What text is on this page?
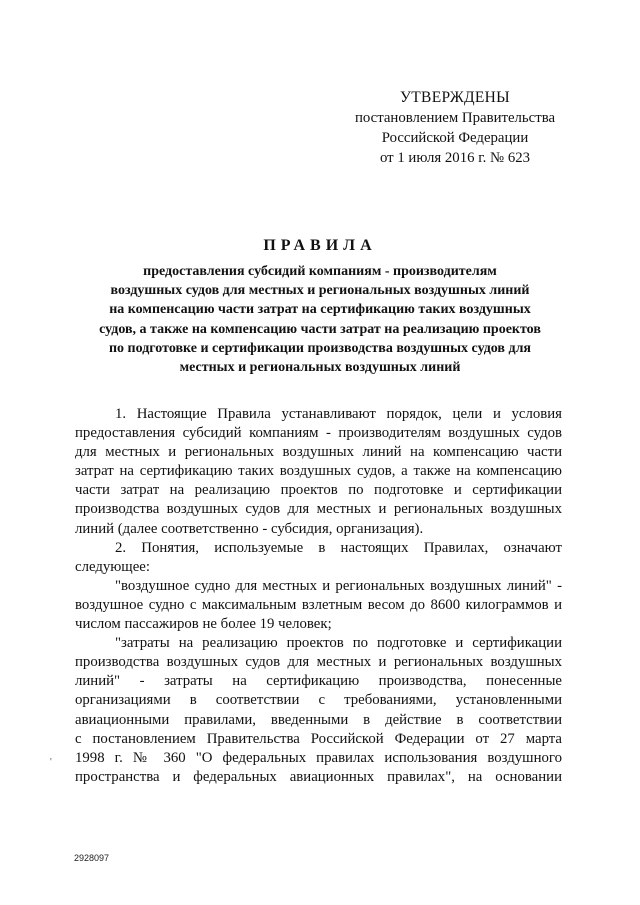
УТВЕРЖДЕНЫ
постановлением Правительства
Российской Федерации
от 1 июля 2016 г. № 623
ПРАВИЛА
предоставления субсидий компаниям - производителям
воздушных судов для местных и региональных воздушных линий
на компенсацию части затрат на сертификацию таких воздушных
судов, а также на компенсацию части затрат на реализацию проектов
по подготовке и сертификации производства воздушных судов для
местных и региональных воздушных линий
1. Настоящие Правила устанавливают порядок, цели и условия
предоставления субсидий компаниям - производителям воздушных судов
для местных и региональных воздушных линий на компенсацию части
затрат на сертификацию таких воздушных судов, а также на компенсацию
части затрат на реализацию проектов по подготовке и сертификации
производства воздушных судов для местных и региональных воздушных
линий (далее соответственно - субсидия, организация).
2. Понятия, используемые в настоящих Правилах, означают
следующее:
"воздушное судно для местных и региональных воздушных линий" -
воздушное судно с максимальным взлетным весом до 8600 килограммов и
числом пассажиров не более 19 человек;
"затраты на реализацию проектов по подготовке и сертификации
производства воздушных судов для местных и региональных воздушных
линий" - затраты на сертификацию производства, понесенные
организациями в соответствии с требованиями, установленными
авиационными правилами, введенными в действие в соответствии
с постановлением Правительства Российской Федерации от 27 марта
1998 г. № 360 "О федеральных правилах использования воздушного
пространства и федеральных авиационных правилах", на основании
'
2928097
